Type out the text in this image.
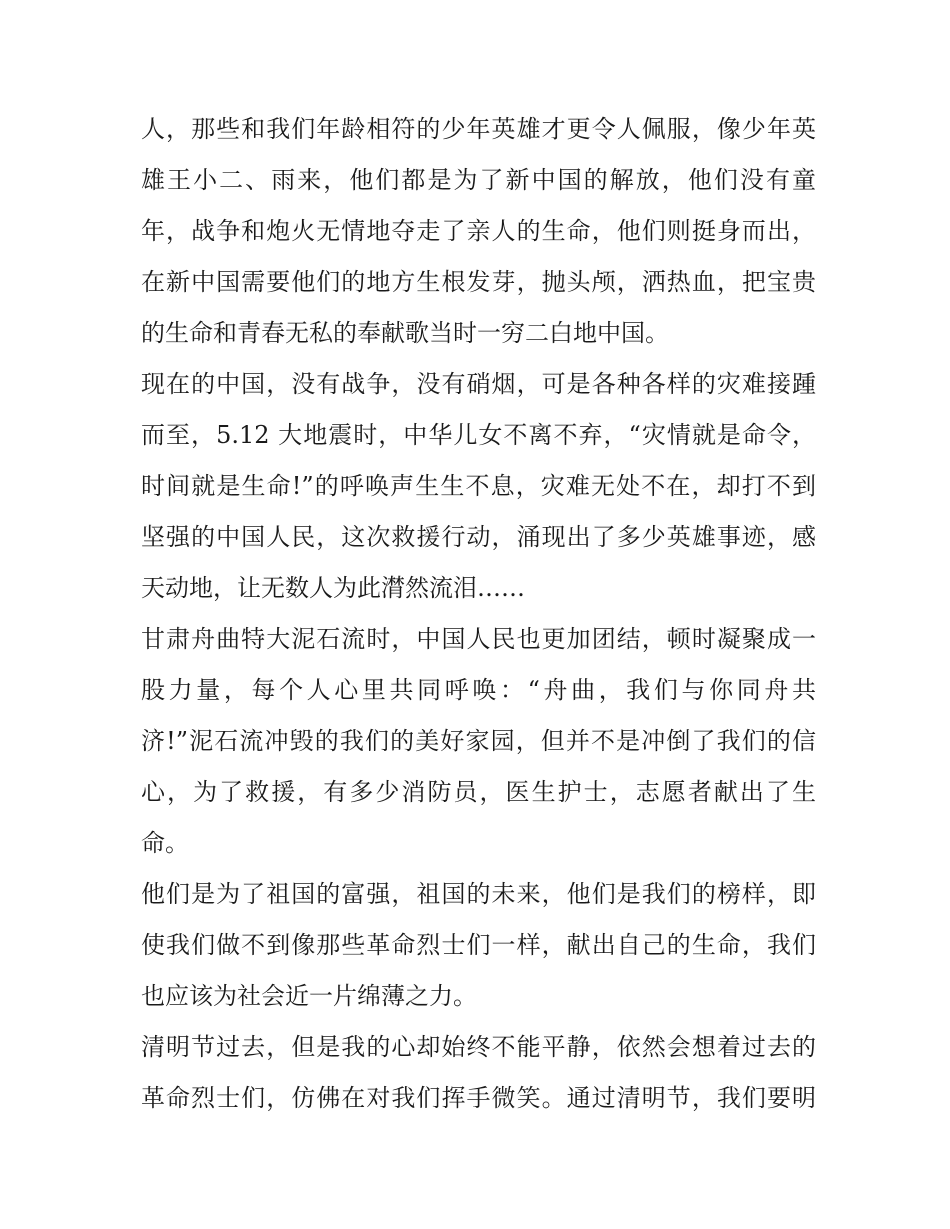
人，那些和我们年龄相符的少年英雄才更令人佩服，像少年英
雄王小二、雨来，他们都是为了新中国的解放，他们没有童
年，战争和炮火无情地夺走了亲人的生命，他们则挺身而出，
在新中国需要他们的地方生根发芽，抛头颅，洒热血，把宝贵
的生命和青春无私的奉献歌当时一穷二白地中国。
现在的中国，没有战争，没有硝烟，可是各种各样的灾难接踵
而至，5.12 大地震时，中华儿女不离不弃，“灾情就是命令，
时间就是生命!”的呼唤声生生不息，灾难无处不在，却打不到
坚强的中国人民，这次救援行动，涌现出了多少英雄事迹，感
天动地，让无数人为此潸然流泪……
甘肃舟曲特大泥石流时，中国人民也更加团结，顿时凝聚成一
股力量，每个人心里共同呼唤：“舟曲，我们与你同舟共
济!”泥石流冲毁的我们的美好家园，但并不是冲倒了我们的信
心，为了救援，有多少消防员，医生护士，志愿者献出了生
命。
他们是为了祖国的富强，祖国的未来，他们是我们的榜样，即
使我们做不到像那些革命烈士们一样，献出自己的生命，我们
也应该为社会近一片绵薄之力。
清明节过去，但是我的心却始终不能平静，依然会想着过去的
革命烈士们，仿佛在对我们挥手微笑。通过清明节，我们要明
